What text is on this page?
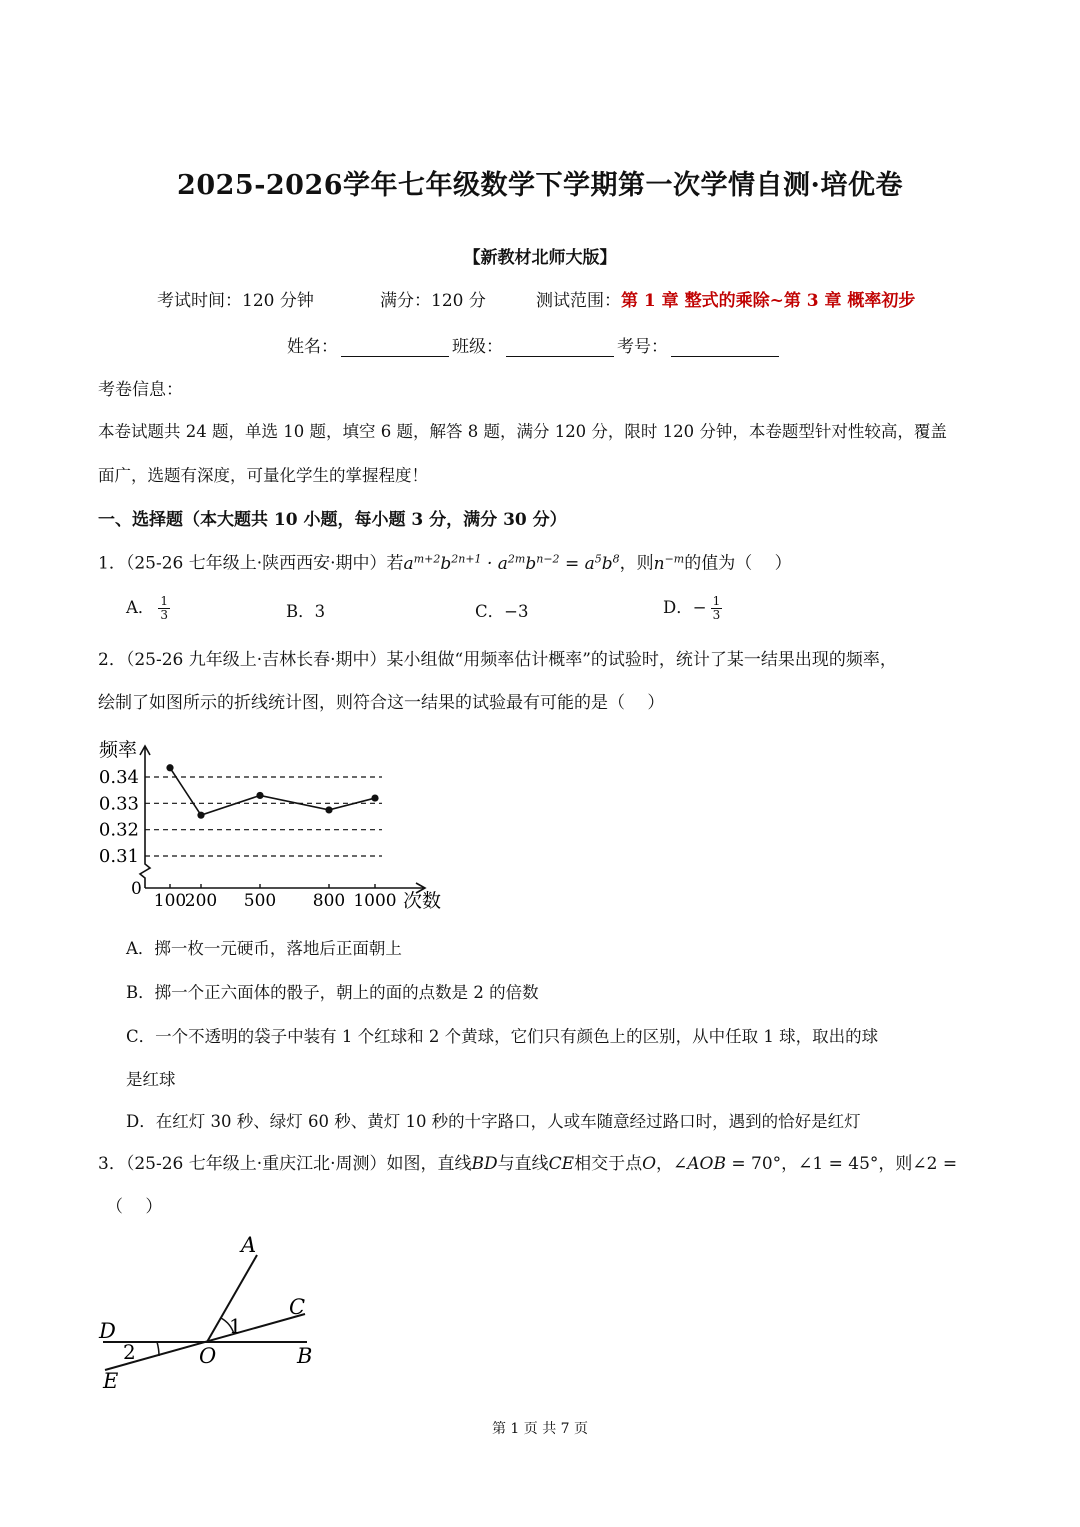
2025-2026学年七年级数学下学期第一次学情自测·培优卷
【新教材北师大版】
考试时间：120 分钟	满分：120 分	测试范围：第 1 章 整式的乘除~第 3 章 概率初步
姓名：	班级：	考号：
考卷信息：
本卷试题共 24 题，单选 10 题，填空 6 题，解答 8 题，满分 120 分，限时 120 分钟，本卷题型针对性较高，覆盖
面广，选题有深度，可量化学生的掌握程度！
一、选择题（本大题共 10 小题，每小题 3 分，满分 30 分）
1．（25-26 七年级上·陕西西安·期中）若$a^{m+2}b^{2n+1} \cdot a^{2m}b^{n-2} = a^5b^8$，则$n^{-m}$的值为（　 ）
A． $\frac{1}{3}$	B．3	C．−3	D．− $\frac{1}{3}$
2．（25-26 九年级上·吉林长春·期中）某小组做“用频率估计概率”的试验时，统计了某一结果出现的频率，
绘制了如图所示的折线统计图，则符合这一结果的试验最有可能的是（　 ）
0.31
0.32
0.33
0.34
频率
次数
0
100
200 500 800 1000
A．掷一枚一元硬币，落地后正面朝上
B．掷一个正六面体的骰子，朝上的面的点数是 2 的倍数
C．一个不透明的袋子中装有 1 个红球和 2 个黄球，它们只有颜色上的区别，从中任取 1 球，取出的球
是红球
D．在红灯 30 秒、绿灯 60 秒、黄灯 10 秒的十字路口，人或车随意经过路口时，遇到的恰好是红灯
3．（25-26 七年级上·重庆江北·周测）如图，直线BD与直线CE相交于点O，∠AOB = 70°，∠1 = 45°，则∠2 =
（　 ）
A
C
D
O	B
E
1
2
第 1 页 共 7 页
